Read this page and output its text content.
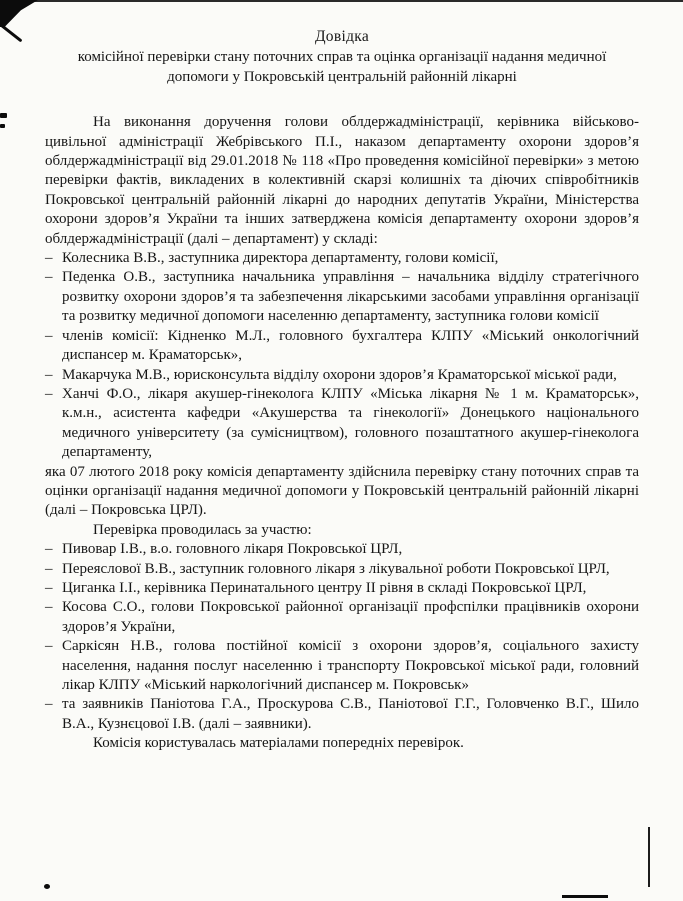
Довідка

комісійної перевірки стану поточних справ та оцінка організації надання медичної допомоги у Покровській центральній районній лікарні

На виконання доручення голови облдержадміністрації, керівника військово-цивільної адміністрації Жебрівського П.І., наказом департаменту охорони здоров’я облдержадміністрації від 29.01.2018 № 118 «Про проведення комісійної перевірки» з метою перевірки фактів, викладених в колективній скарзі колишніх та діючих співробітників Покровської центральній районній лікарні до народних депутатів України, Міністерства охорони здоров’я України та інших затверджена комісія департаменту охорони здоров’я облдержадміністрації (далі – департамент) у складі:

– Колесника В.В., заступника директора департаменту, голови комісії,
– Педенка О.В., заступника начальника управління – начальника відділу стратегічного розвитку охорони здоров’я та забезпечення лікарськими засобами управління організації та розвитку медичної допомоги населенню департаменту, заступника голови комісії
– членів комісії: Кідненко М.Л., головного бухгалтера КЛПУ «Міський онкологічний диспансер м. Краматорськ»,
– Макарчука М.В., юрисконсульта відділу охорони здоров’я Краматорської міської ради,
– Ханчі Ф.О., лікаря акушер-гінеколога КЛПУ «Міська лікарня № 1 м. Краматорськ», к.м.н., асистента кафедри «Акушерства та гінекології» Донецького національного медичного університету (за сумісництвом), головного позаштатного акушер-гінеколога департаменту,

яка 07 лютого 2018 року комісія департаменту здійснила перевірку стану поточних справ та оцінки організації надання медичної допомоги у Покровській центральній районній лікарні (далі – Покровська ЦРЛ).

Перевірка проводилась за участю:

– Пивовар І.В., в.о. головного лікаря Покровської ЦРЛ,
– Переяслової В.В., заступник головного лікаря з лікувальної роботи Покровської ЦРЛ,
– Циганка І.І., керівника Перинатального центру ІІ рівня в складі Покровської ЦРЛ,
– Косова С.О., голови Покровської районної організації профспілки працівників охорони здоров’я України,
– Саркісян Н.В., голова постійної комісії з охорони здоров’я, соціального захисту населення, надання послуг населенню і транспорту Покровської міської ради, головний лікар КЛПУ «Міський наркологічний диспансер м. Покровськ»
– та заявників Паніотова Г.А., Проскурова С.В., Паніотової Г.Г., Головченко В.Г., Шило В.А., Кузнєцової І.В. (далі – заявники).

Комісія користувалась матеріалами попередніх перевірок.
